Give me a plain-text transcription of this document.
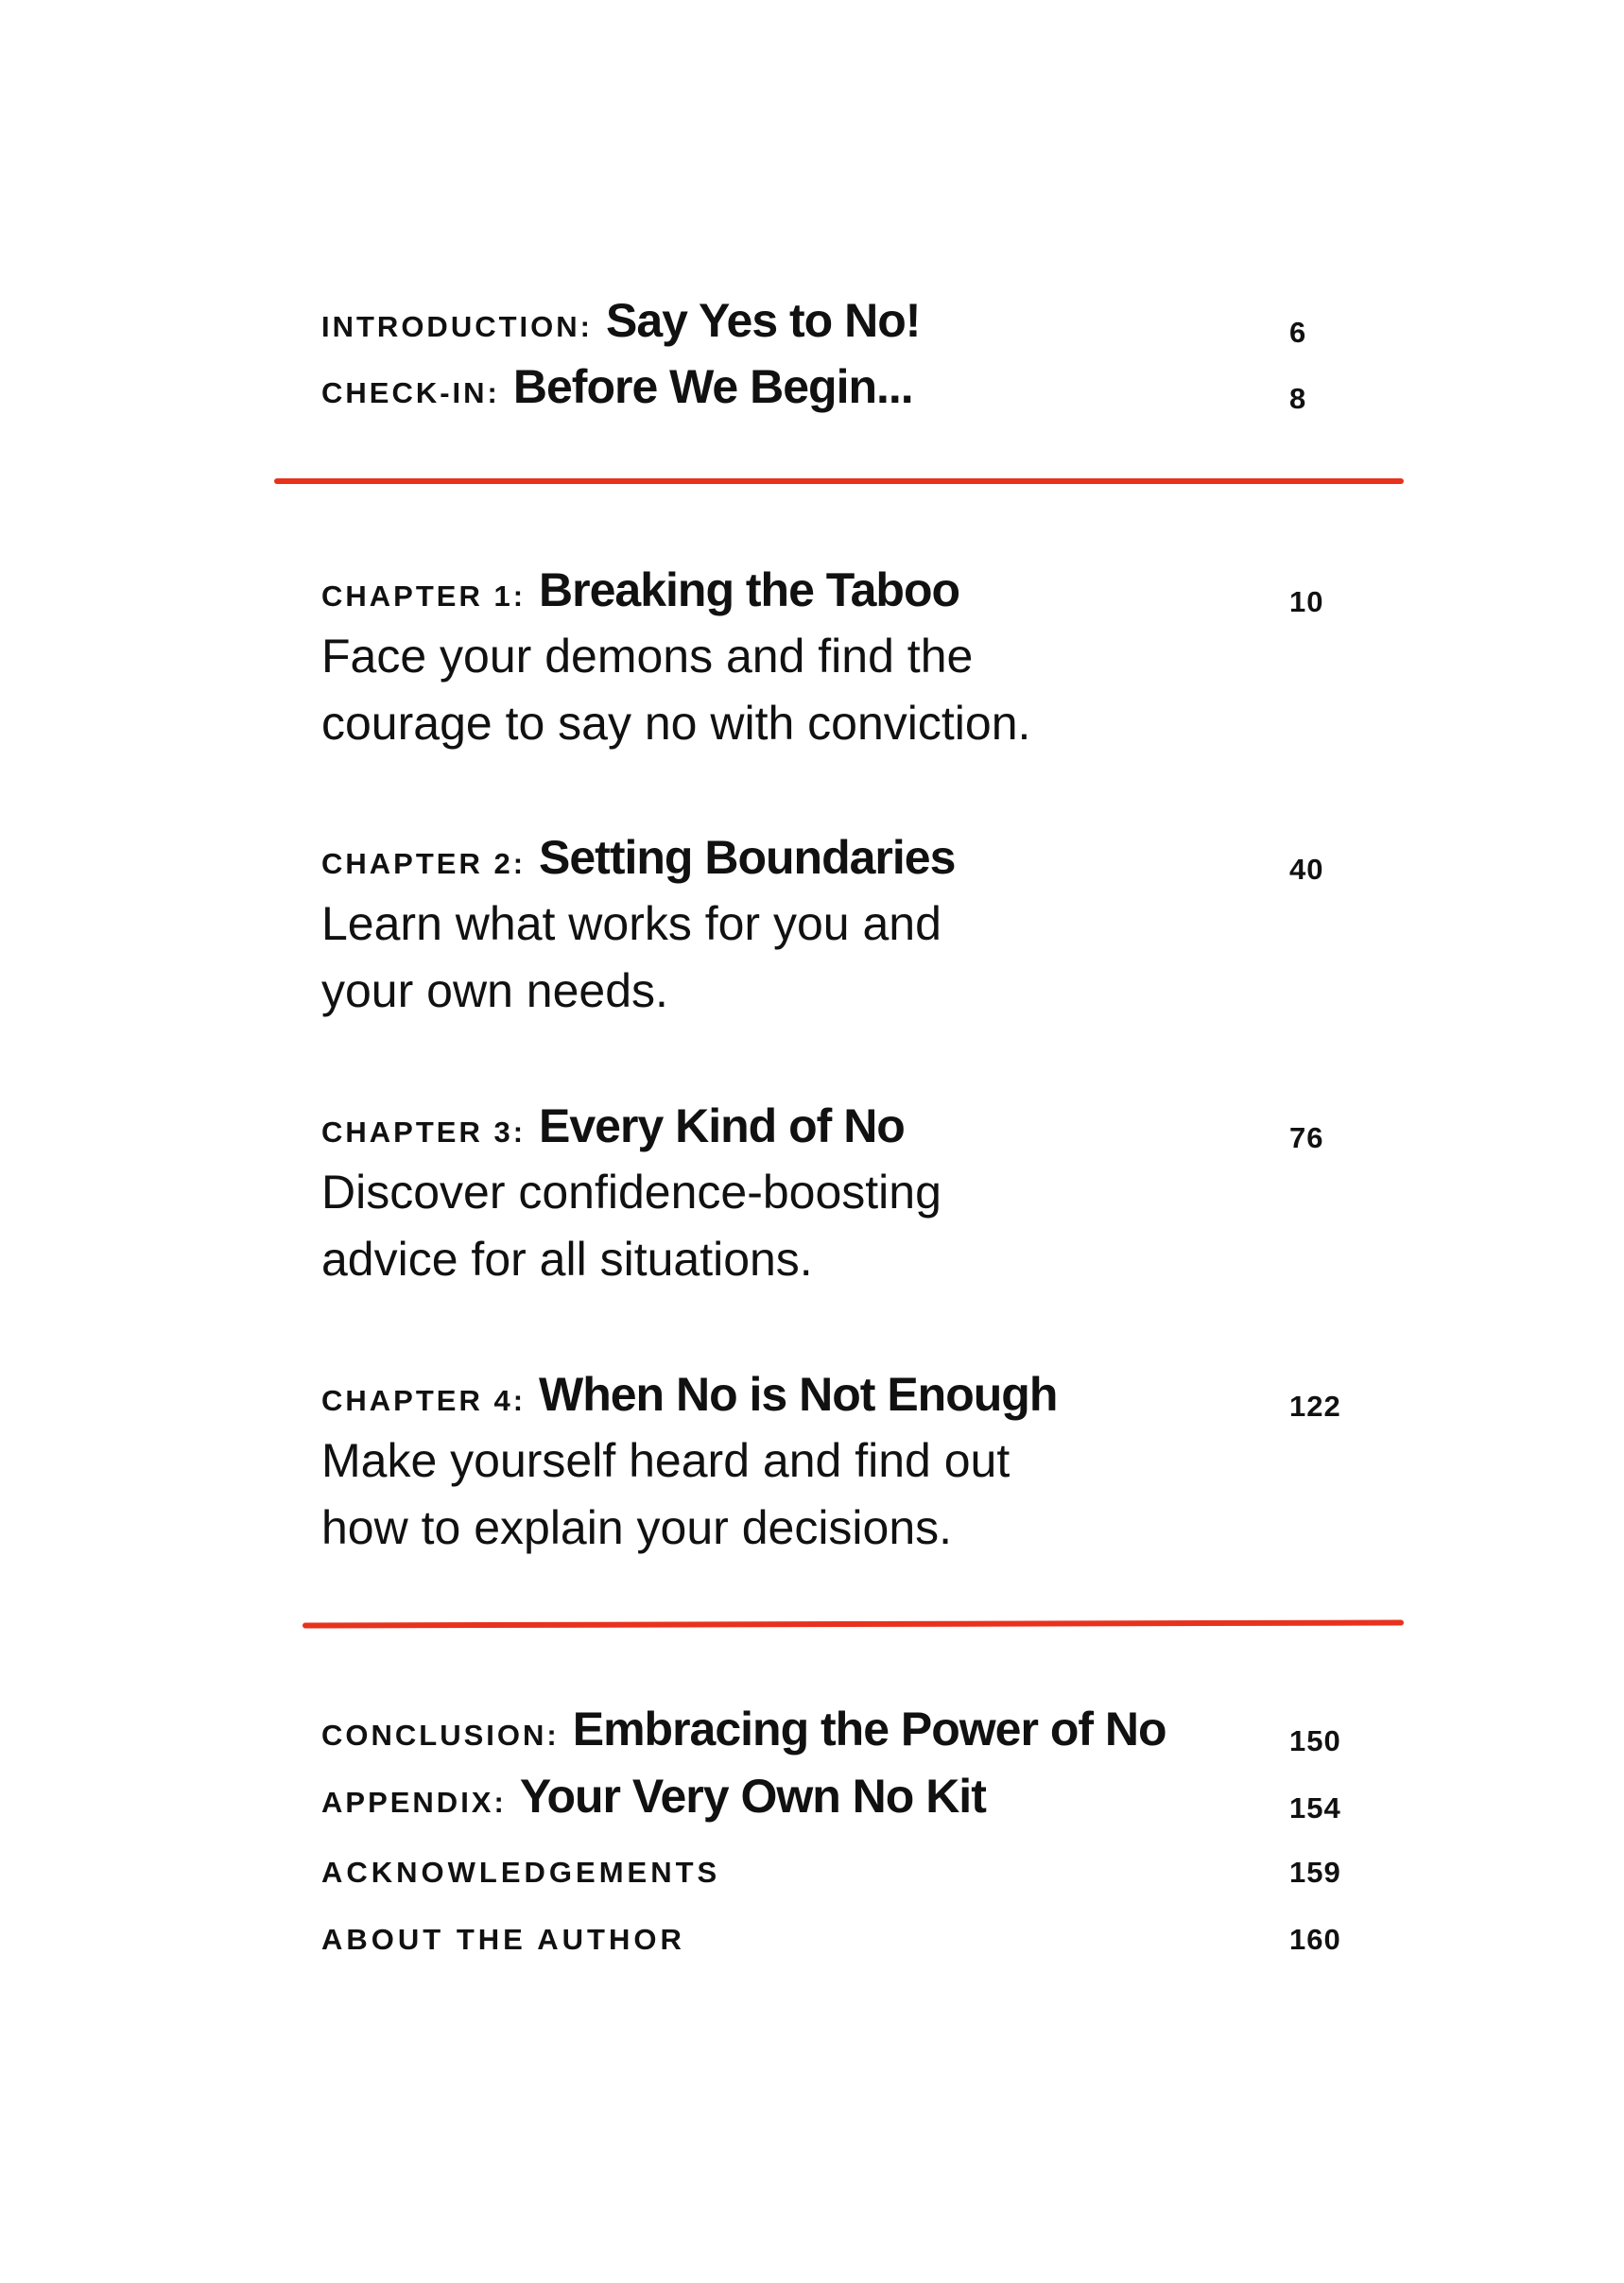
INTRODUCTION: Say Yes to No!	6
CHECK-IN: Before We Begin...	8
CHAPTER 1: Breaking the Taboo	10
Face your demons and find the
courage to say no with conviction.
CHAPTER 2: Setting Boundaries	40
Learn what works for you and
your own needs.
CHAPTER 3: Every Kind of No	76
Discover confidence-boosting
advice for all situations.
CHAPTER 4: When No is Not Enough	122
Make yourself heard and find out
how to explain your decisions.
CONCLUSION: Embracing the Power of No	150
APPENDIX: Your Very Own No Kit	154
ACKNOWLEDGEMENTS	159
ABOUT THE AUTHOR	160
